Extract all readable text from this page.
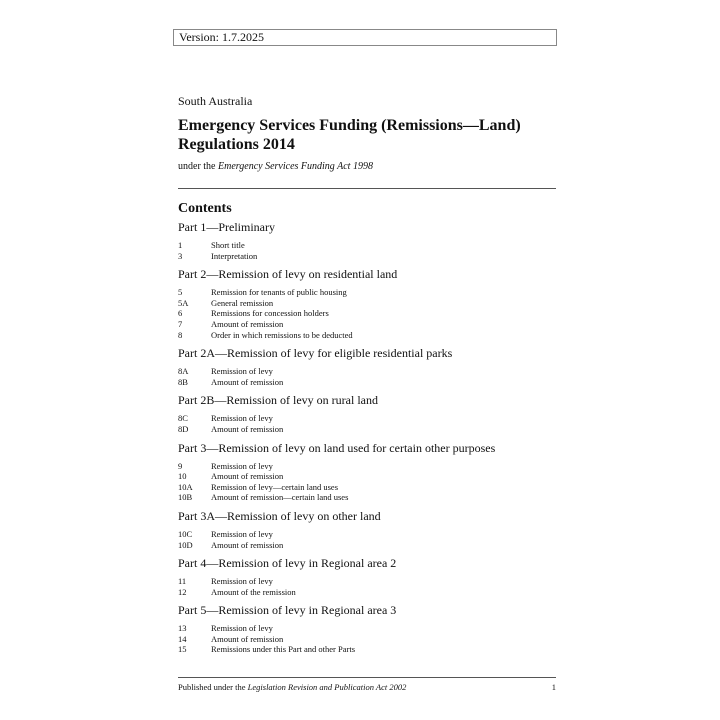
Version: 1.7.2025
South Australia
Emergency Services Funding (Remissions—Land)
Regulations 2014
under the Emergency Services Funding Act 1998
Contents
Part 1—Preliminary
1	Short title
3	Interpretation
Part 2—Remission of levy on residential land
5	Remission for tenants of public housing
5A	General remission
6	Remissions for concession holders
7	Amount of remission
8	Order in which remissions to be deducted
Part 2A—Remission of levy for eligible residential parks
8A	Remission of levy
8B	Amount of remission
Part 2B—Remission of levy on rural land
8C	Remission of levy
8D	Amount of remission
Part 3—Remission of levy on land used for certain other purposes
9	Remission of levy
10	Amount of remission
10A	Remission of levy—certain land uses
10B	Amount of remission—certain land uses
Part 3A—Remission of levy on other land
10C	Remission of levy
10D	Amount of remission
Part 4—Remission of levy in Regional area 2
11	Remission of levy
12	Amount of the remission
Part 5—Remission of levy in Regional area 3
13	Remission of levy
14	Amount of remission
15	Remissions under this Part and other Parts
Published under the Legislation Revision and Publication Act 2002	1
